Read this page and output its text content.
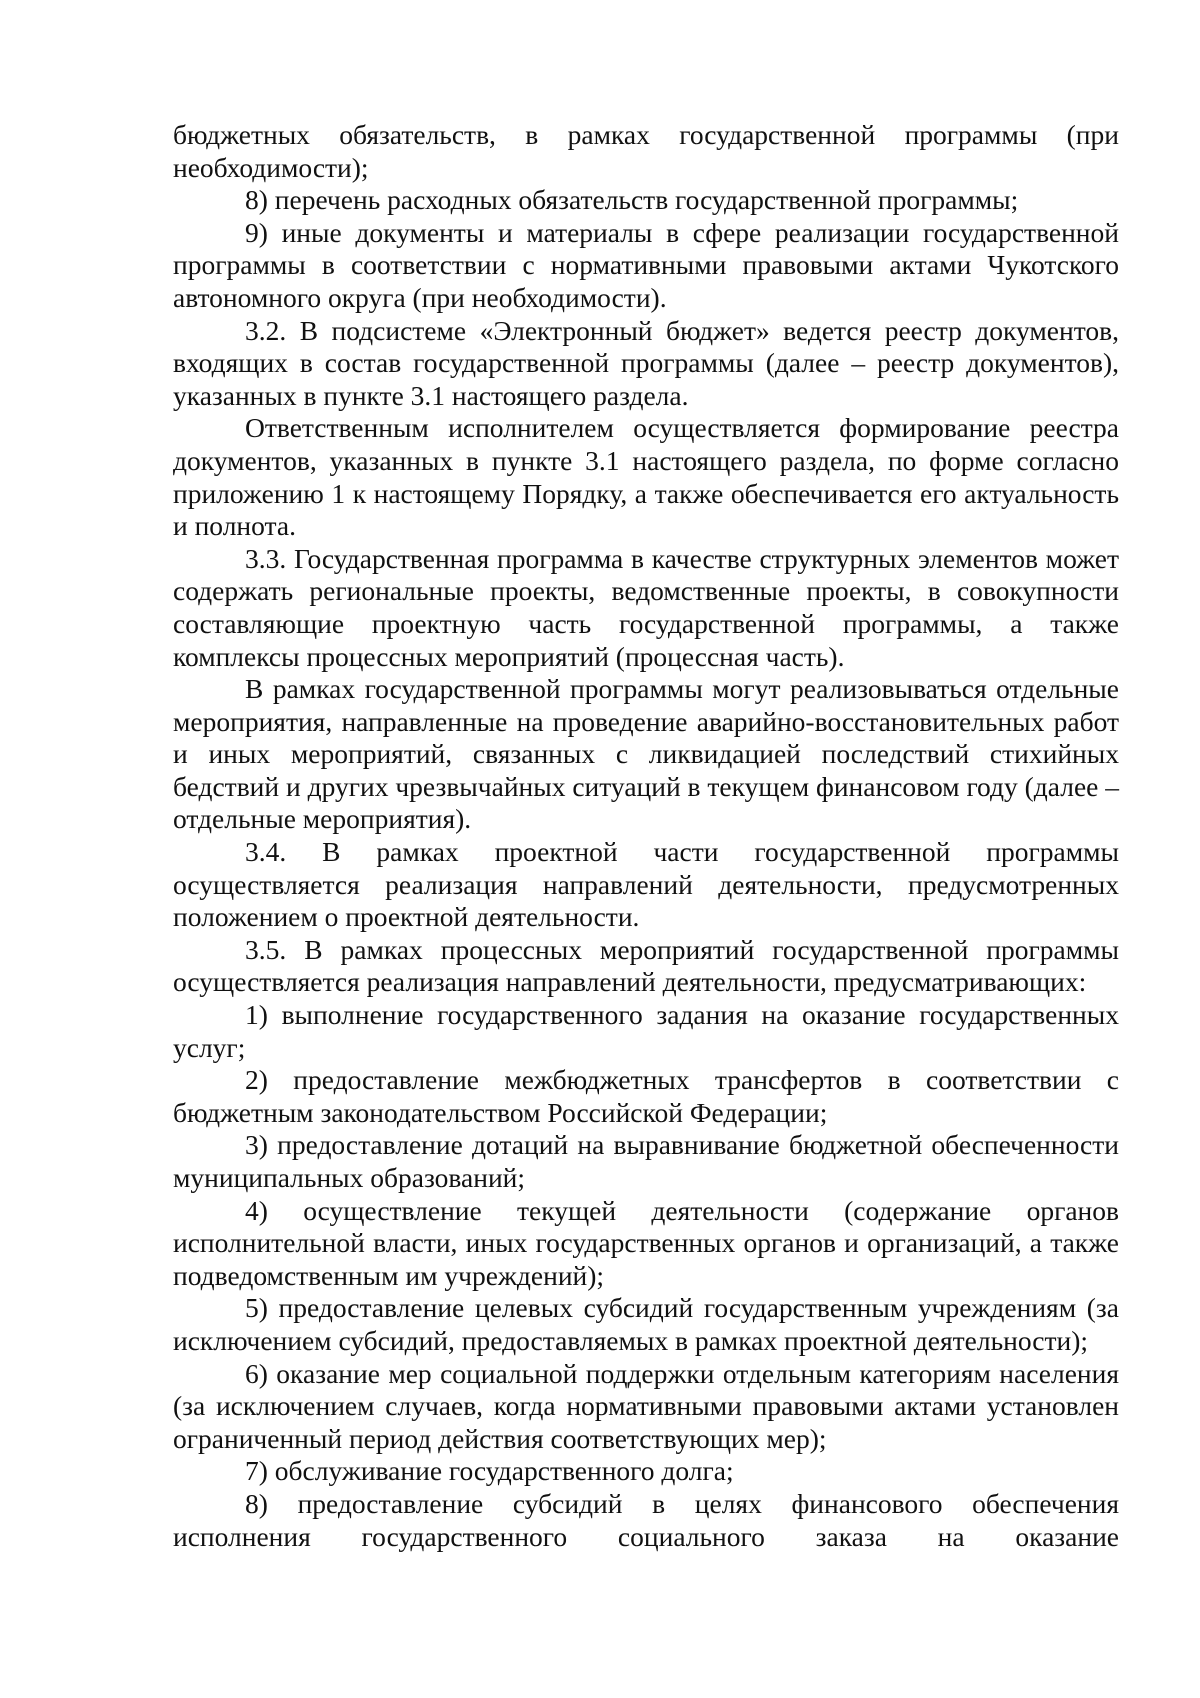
бюджетных обязательств, в рамках государственной программы (при необходимости);

8) перечень расходных обязательств государственной программы;

9) иные документы и материалы в сфере реализации государственной программы в соответствии с нормативными правовыми актами Чукотского автономного округа (при необходимости).

3.2. В подсистеме «Электронный бюджет» ведется реестр документов, входящих в состав государственной программы (далее – реестр документов), указанных в пункте 3.1 настоящего раздела.

Ответственным исполнителем осуществляется формирование реестра документов, указанных в пункте 3.1 настоящего раздела, по форме согласно приложению 1 к настоящему Порядку, а также обеспечивается его актуальность и полнота.

3.3. Государственная программа в качестве структурных элементов может содержать региональные проекты, ведомственные проекты, в совокупности составляющие проектную часть государственной программы, а также комплексы процессных мероприятий (процессная часть).

В рамках государственной программы могут реализовываться отдельные мероприятия, направленные на проведение аварийно-восстановительных работ и иных мероприятий, связанных с ликвидацией последствий стихийных бедствий и других чрезвычайных ситуаций в текущем финансовом году (далее – отдельные мероприятия).

3.4. В рамках проектной части государственной программы осуществляется реализация направлений деятельности, предусмотренных положением о проектной деятельности.

3.5. В рамках процессных мероприятий государственной программы осуществляется реализация направлений деятельности, предусматривающих:

1) выполнение государственного задания на оказание государственных услуг;

2) предоставление межбюджетных трансфертов в соответствии с бюджетным законодательством Российской Федерации;

3) предоставление дотаций на выравнивание бюджетной обеспеченности муниципальных образований;

4) осуществление текущей деятельности (содержание органов исполнительной власти, иных государственных органов и организаций, а также подведомственным им учреждений);

5) предоставление целевых субсидий государственным учреждениям (за исключением субсидий, предоставляемых в рамках проектной деятельности);

6) оказание мер социальной поддержки отдельным категориям населения (за исключением случаев, когда нормативными правовыми актами установлен ограниченный период действия соответствующих мер);

7) обслуживание государственного долга;

8) предоставление субсидий в целях финансового обеспечения исполнения государственного социального заказа на оказание
